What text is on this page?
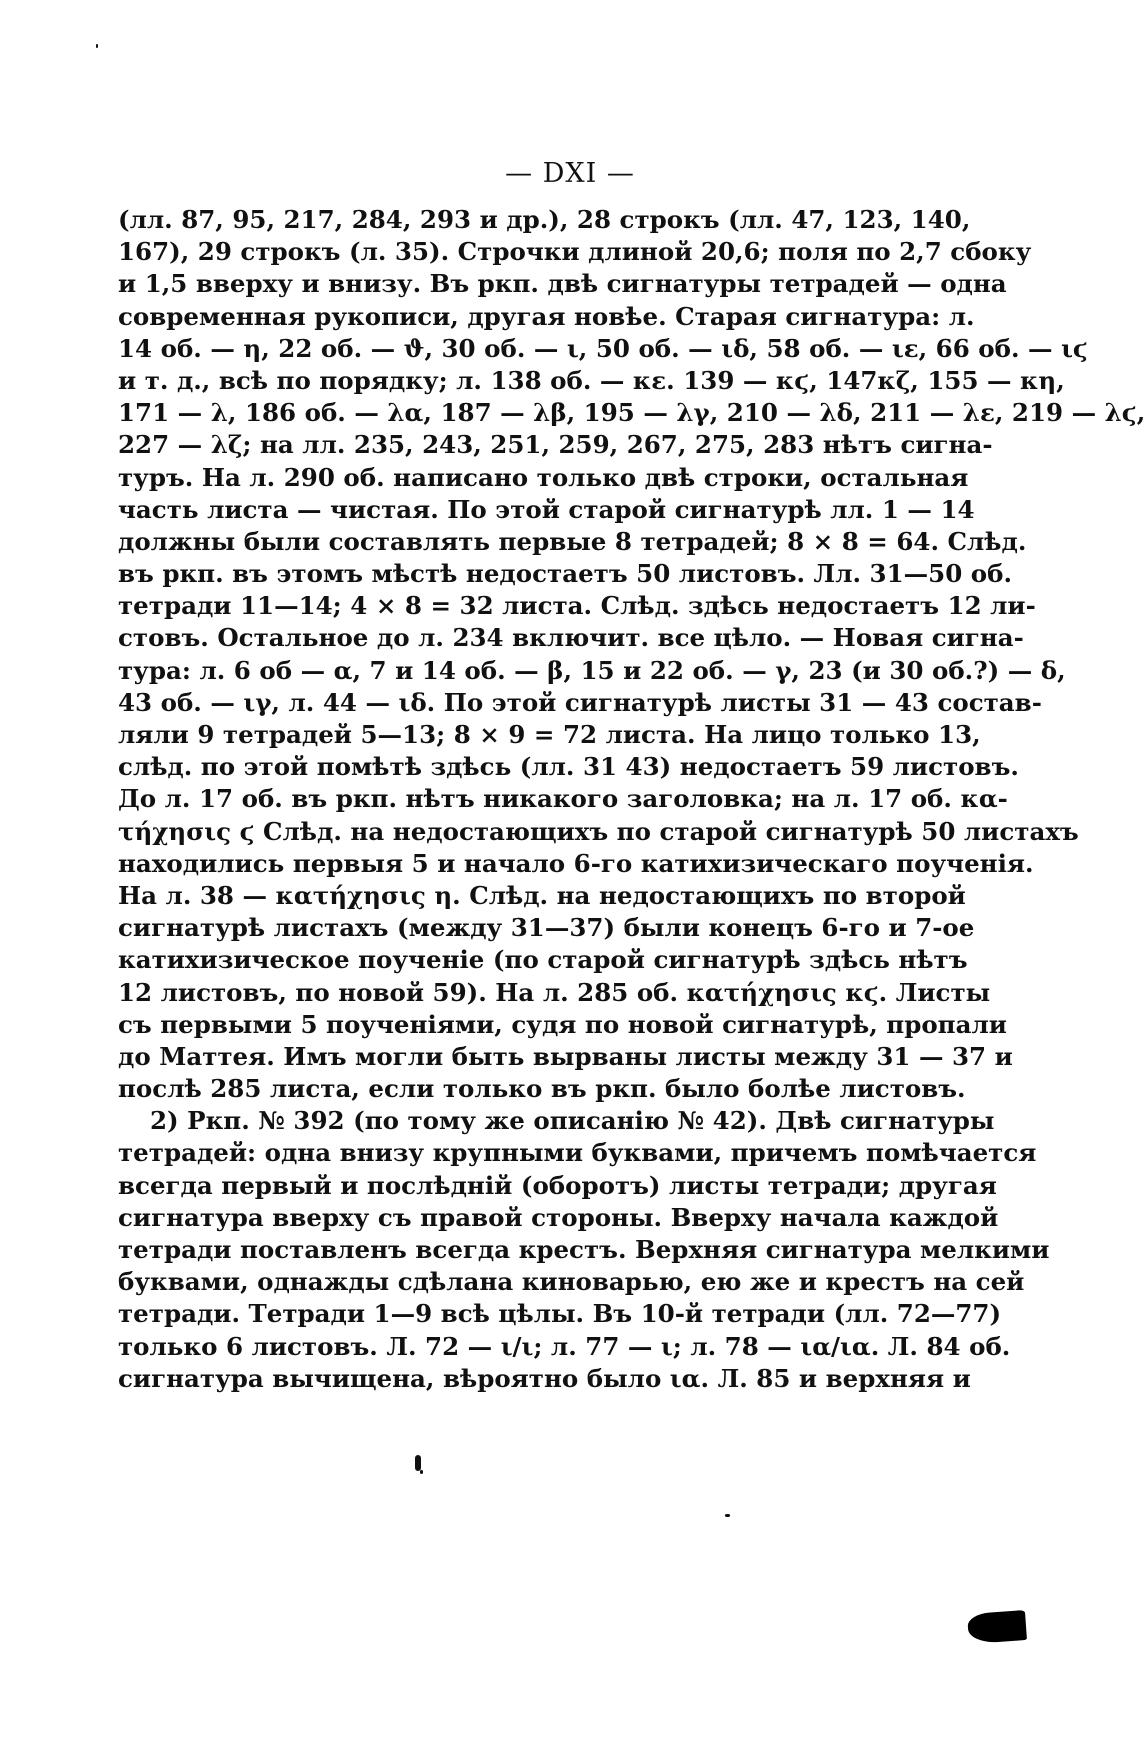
— DXI —
(лл. 87, 95, 217, 284, 293 и др.), 28 строкъ (лл. 47, 123, 140,
167), 29 строкъ (л. 35). Строчки длиной 20,6; поля по 2,7 сбоку
и 1,5 вверху и внизу. Въ ркп. двѣ сигнатуры тетрадей — одна
современная рукописи, другая новѣе. Старая сигнатура: л.
14 об. — η, 22 об. — ϑ, 30 об. — ι, 50 об. — ιδ, 58 об. — ιε, 66 об. — ιϛ
и т. д., всѣ по порядку; л. 138 об. — κε. 139 — κϛ, 147κζ, 155 — κη,
171 — λ, 186 об. — λα, 187 — λβ, 195 — λγ, 210 — λδ, 211 — λε, 219 — λϛ,
227 — λζ; на лл. 235, 243, 251, 259, 267, 275, 283 нѣтъ сигна-
туръ. На л. 290 об. написано только двѣ строки, остальная
часть листа — чистая. По этой старой сигнатурѣ лл. 1 — 14
должны были составлять первые 8 тетрадей; 8 × 8 = 64. Слѣд.
въ ркп. въ этомъ мѣстѣ недостаетъ 50 листовъ. Лл. 31—50 об.
тетради 11—14; 4 × 8 = 32 листа. Слѣд. здѣсь недостаетъ 12 ли-
стовъ. Остальное до л. 234 включит. все цѣло. — Новая сигна-
тура: л. 6 об — α, 7 и 14 об. — β, 15 и 22 об. — γ, 23 (и 30 об.?) — δ,
43 об. — ιγ, л. 44 — ιδ. По этой сигнатурѣ листы 31 — 43 состав-
ляли 9 тетрадей 5—13; 8 × 9 = 72 листа. На лицо только 13,
слѣд. по этой помѣтѣ здѣсь (лл. 31 43) недостаетъ 59 листовъ.
До л. 17 об. въ ркп. нѣтъ никакого заголовка; на л. 17 об. κα-
τήχησις ϛ Слѣд. на недостающихъ по старой сигнатурѣ 50 листахъ
находились первыя 5 и начало 6-го катихизическаго поученія.
На л. 38 — κατήχησις η. Слѣд. на недостающихъ по второй
сигнатурѣ листахъ (между 31—37) были конецъ 6-го и 7-ое
катихизическое поученіе (по старой сигнатурѣ здѣсь нѣтъ
12 листовъ, по новой 59). На л. 285 об. κατήχησις κϛ. Листы
съ первыми 5 поученіями, судя по новой сигнатурѣ, пропали
до Маттея. Имъ могли быть вырваны листы между 31 — 37 и
послѣ 285 листа, если только въ ркп. было болѣе листовъ.
2) Ркп. № 392 (по тому же описанію № 42). Двѣ сигнатуры
тетрадей: одна внизу крупными буквами, причемъ помѣчается
всегда первый и послѣдній (оборотъ) листы тетради; другая
сигнатура вверху съ правой стороны. Вверху начала каждой
тетради поставленъ всегда крестъ. Верхняя сигнатура мелкими
буквами, однажды сдѣлана киноварью, ею же и крестъ на сей
тетради. Тетради 1—9 всѣ цѣлы. Въ 10-й тетради (лл. 72—77)
только 6 листовъ. Л. 72 — ι/ι; л. 77 — ι; л. 78 — ια/ια. Л. 84 об.
сигнатура вычищена, вѣроятно было ια. Л. 85 и верхняя и
